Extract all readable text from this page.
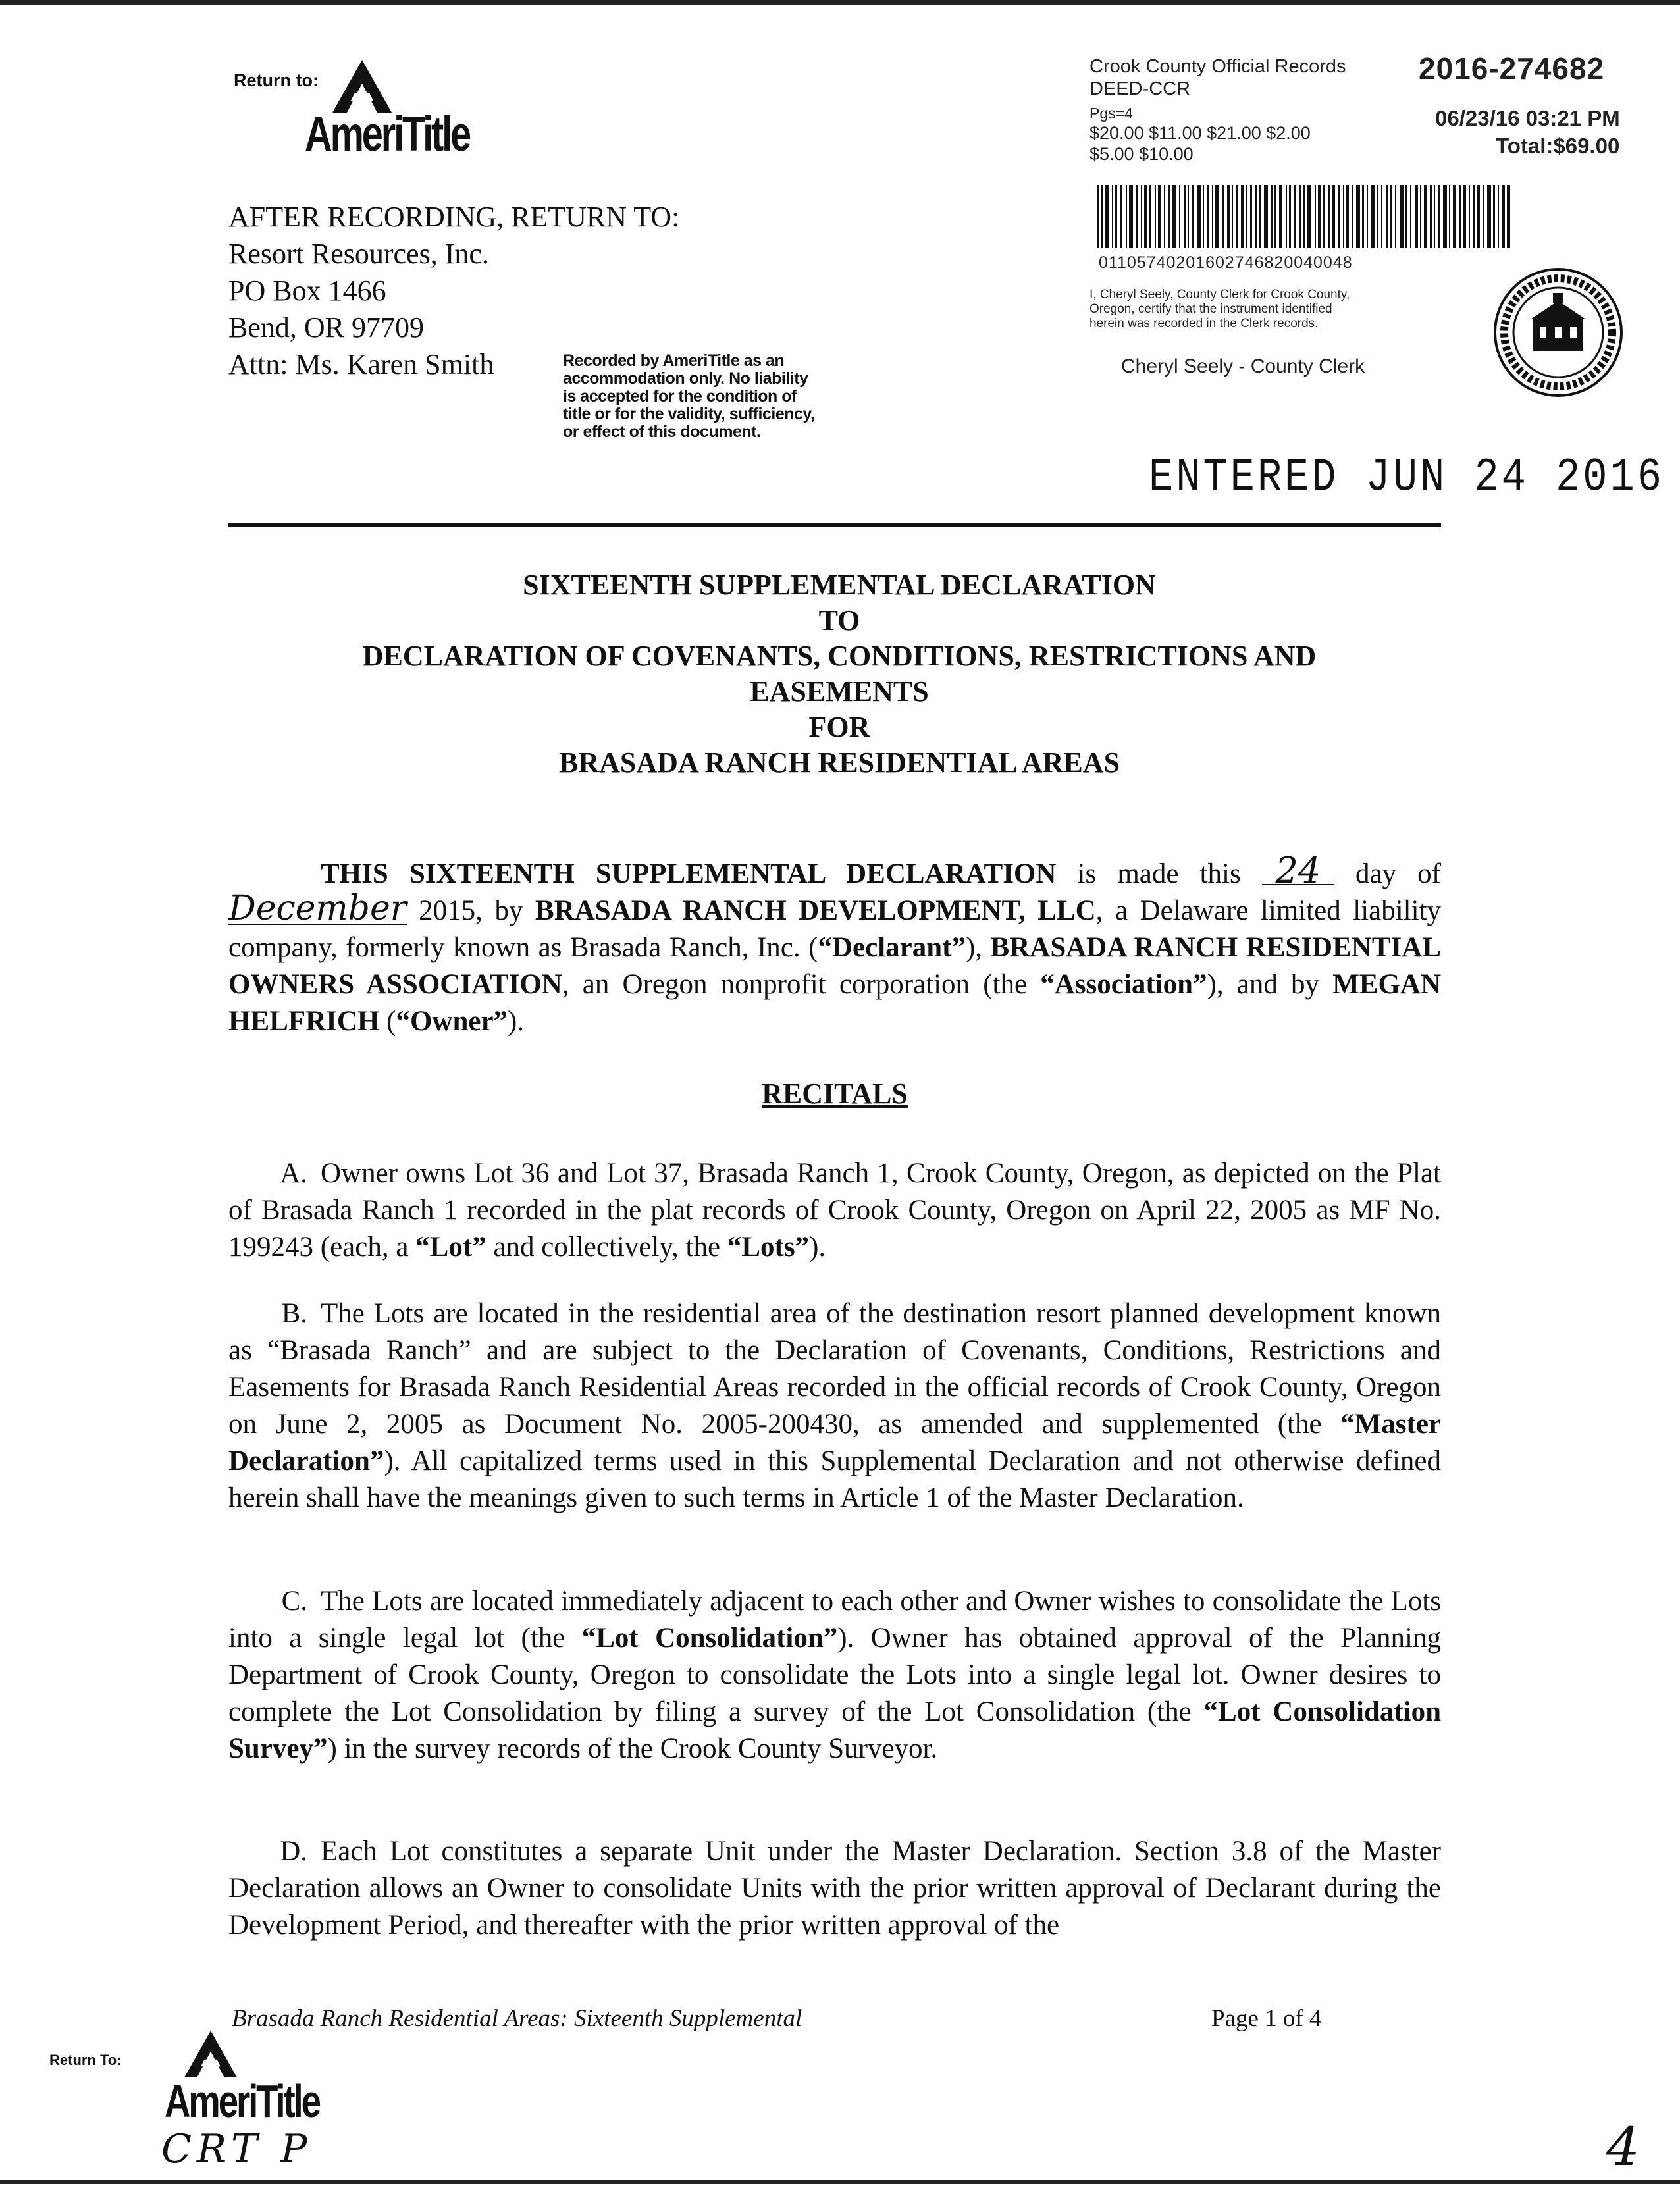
Return to:
AmeriTitle
AFTER RECORDING, RETURN TO:
Resort Resources, Inc.
PO Box 1466
Bend, OR 97709
Attn: Ms. Karen Smith	Recorded by AmeriTitle as an
accommodation only. No liability
is accepted for the condition of
title or for the validity, sufficiency,
or effect of this document.
Crook County Official Records
DEED-CCR
Pgs=4
$20.00 $11.00 $21.00 $2.00
$5.00 $10.00
2016-274682
06/23/16 03:21 PM
Total:$69.00
01105740201602746820040048
I, Cheryl Seely, County Clerk for Crook County,
Oregon, certify that the instrument identified
herein was recorded in the Clerk records.
Cheryl Seely - County Clerk
ENTERED JUN 24 2016
SIXTEENTH SUPPLEMENTAL DECLARATION
TO
DECLARATION OF COVENANTS, CONDITIONS, RESTRICTIONS AND
EASEMENTS
FOR
BRASADA RANCH RESIDENTIAL AREAS
THIS SIXTEENTH SUPPLEMENTAL DECLARATION is made this 24 day of December 2015, by BRASADA RANCH DEVELOPMENT, LLC, a Delaware limited liability company, formerly known as Brasada Ranch, Inc. (“Declarant”), BRASADA RANCH RESIDENTIAL OWNERS ASSOCIATION, an Oregon nonprofit corporation (the “Association”), and by MEGAN HELFRICH (“Owner”).
RECITALS
A. Owner owns Lot 36 and Lot 37, Brasada Ranch 1, Crook County, Oregon, as depicted on the Plat of Brasada Ranch 1 recorded in the plat records of Crook County, Oregon on April 22, 2005 as MF No. 199243 (each, a “Lot” and collectively, the “Lots”).
B. The Lots are located in the residential area of the destination resort planned development known as “Brasada Ranch” and are subject to the Declaration of Covenants, Conditions, Restrictions and Easements for Brasada Ranch Residential Areas recorded in the official records of Crook County, Oregon on June 2, 2005 as Document No. 2005-200430, as amended and supplemented (the “Master Declaration”). All capitalized terms used in this Supplemental Declaration and not otherwise defined herein shall have the meanings given to such terms in Article 1 of the Master Declaration.
C. The Lots are located immediately adjacent to each other and Owner wishes to consolidate the Lots into a single legal lot (the “Lot Consolidation”). Owner has obtained approval of the Planning Department of Crook County, Oregon to consolidate the Lots into a single legal lot. Owner desires to complete the Lot Consolidation by filing a survey of the Lot Consolidation (the “Lot Consolidation Survey”) in the survey records of the Crook County Surveyor.
D. Each Lot constitutes a separate Unit under the Master Declaration. Section 3.8 of the Master Declaration allows an Owner to consolidate Units with the prior written approval of Declarant during the Development Period, and thereafter with the prior written approval of the
Brasada Ranch Residential Areas: Sixteenth Supplemental	Page 1 of 4
Return To:
AmeriTitle
CRT P	4
